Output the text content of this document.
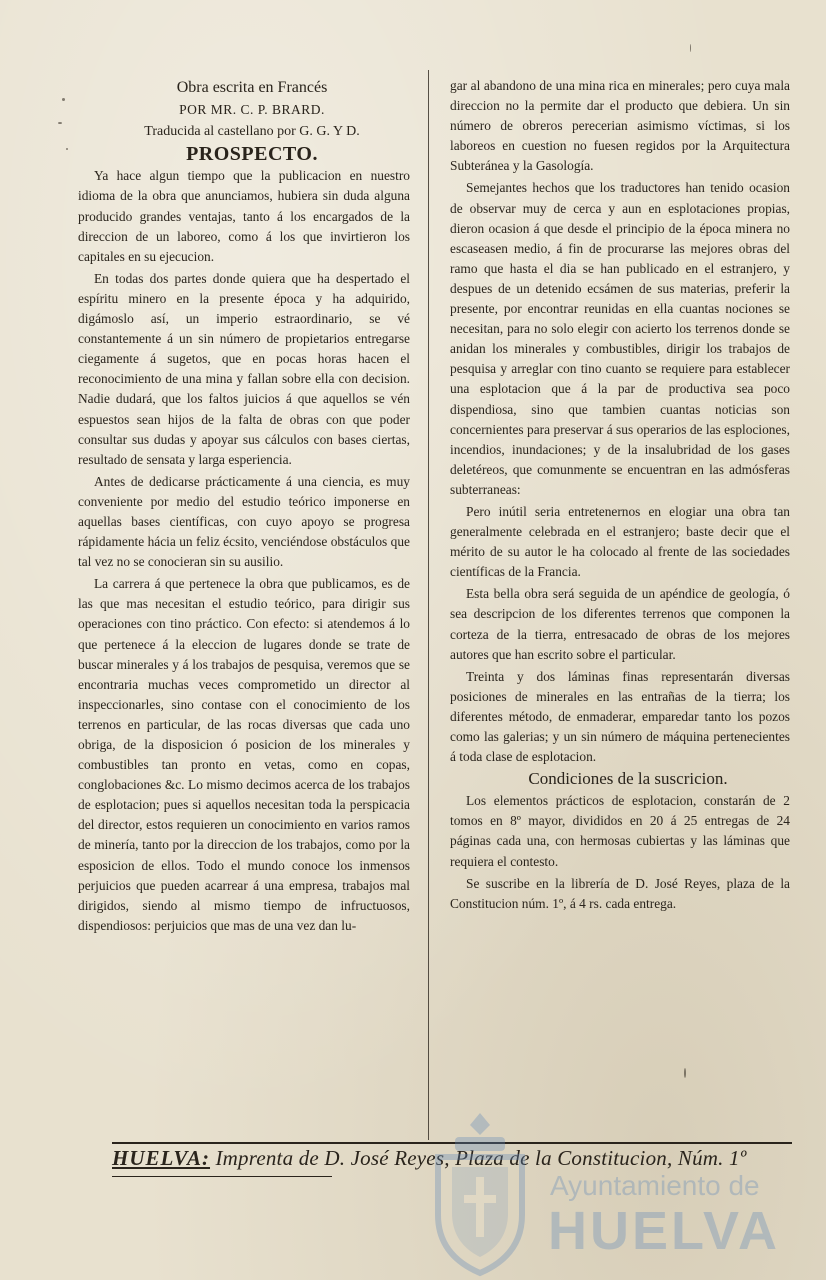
Obra escrita en Francés

POR MR. C. P. BRARD.

Traducida al castellano por G. G. Y D.

PROSPECTO.

Ya hace algun tiempo que la publicacion en nuestro idioma de la obra que anunciamos, hubiera sin duda alguna producido grandes ventajas, tanto á los encargados de la direccion de un laboreo, como á los que invirtieron los capitales en su ejecucion.

En todas dos partes donde quiera que ha despertado el espíritu minero en la presente época y ha adquirido, digámoslo así, un imperio estraordinario, se vé constantemente á un sin número de propietarios entregarse ciegamente á sugetos, que en pocas horas hacen el reconocimiento de una mina y fallan sobre ella con decision. Nadie dudará, que los faltos juicios á que aquellos se vén espuestos sean hijos de la falta de obras con que poder consultar sus dudas y apoyar sus cálculos con bases ciertas, resultado de sensata y larga esperiencia.

Antes de dedicarse prácticamente á una ciencia, es muy conveniente por medio del estudio teórico imponerse en aquellas bases científicas, con cuyo apoyo se progresa rápidamente hácia un feliz écsito, venciéndose obstáculos que tal vez no se conocieran sin su ausilio.

La carrera á que pertenece la obra que publicamos, es de las que mas necesitan el estudio teórico, para dirigir sus operaciones con tino práctico. Con efecto: si atendemos á lo que pertenece á la eleccion de lugares donde se trate de buscar minerales y á los trabajos de pesquisa, veremos que se encontraria muchas veces comprometido un director al inspeccionarles, sino contase con el conocimiento de los terrenos en particular, de las rocas diversas que cada uno obriga, de la disposicion ó posicion de los minerales y combustibles tan pronto en vetas, como en copas, conglobaciones &c. Lo mismo decimos acerca de los trabajos de esplotacion; pues si aquellos necesitan toda la perspicacia del director, estos requieren un conocimiento en varios ramos de minería, tanto por la direccion de los trabajos, como por la esposicion de ellos. Todo el mundo conoce los inmensos perjuicios que pueden acarrear á una empresa, trabajos mal dirigidos, siendo al mismo tiempo de infructuosos, dispendiosos: perjuicios que mas de una vez dan lu-

gar al abandono de una mina rica en minerales; pero cuya mala direccion no la permite dar el producto que debiera. Un sin número de obreros perecerian asimismo víctimas, si los laboreos en cuestion no fuesen regidos por la Arquitectura Subteránea y la Gasología.

Semejantes hechos que los traductores han tenido ocasion de observar muy de cerca y aun en esplotaciones propias, dieron ocasion á que desde el principio de la época minera no escaseasen medio, á fin de procurarse las mejores obras del ramo que hasta el dia se han publicado en el estranjero, y despues de un detenido ecsámen de sus materias, preferir la presente, por encontrar reunidas en ella cuantas nociones se necesitan, para no solo elegir con acierto los terrenos donde se anidan los minerales y combustibles, dirigir los trabajos de pesquisa y arreglar con tino cuanto se requiere para establecer una esplotacion que á la par de productiva sea poco dispendiosa, sino que tambien cuantas noticias son concernientes para preservar á sus operarios de las esplociones, incendios, inundaciones; y de la insalubridad de los gases deletéreos, que comunmente se encuentran en las admósferas subterraneas:

Pero inútil seria entretenernos en elogiar una obra tan generalmente celebrada en el estranjero; baste decir que el mérito de su autor le ha colocado al frente de las sociedades científicas de la Francia.

Esta bella obra será seguida de un apéndice de geología, ó sea descripcion de los diferentes terrenos que componen la corteza de la tierra, entresacado de obras de los mejores autores que han escrito sobre el particular.

Treinta y dos láminas finas representarán diversas posiciones de minerales en las entrañas de la tierra; los diferentes método, de enmaderar, emparedar tanto los pozos como las galerias; y un sin número de máquina pertenecientes á toda clase de esplotacion.

Condiciones de la suscricion.

Los elementos prácticos de esplotacion, constarán de 2 tomos en 8º mayor, divididos en 20 á 25 entregas de 24 páginas cada una, con hermosas cubiertas y las láminas que requiera el contesto.

Se suscribe en la librería de D. José Reyes, plaza de la Constitucion núm. 1º, á 4 rs. cada entrega.

HUELVA: Imprenta de D. José Reyes, Plaza de la Constitucion, Núm. 1º
Ayuntamiento de
HUELVA
